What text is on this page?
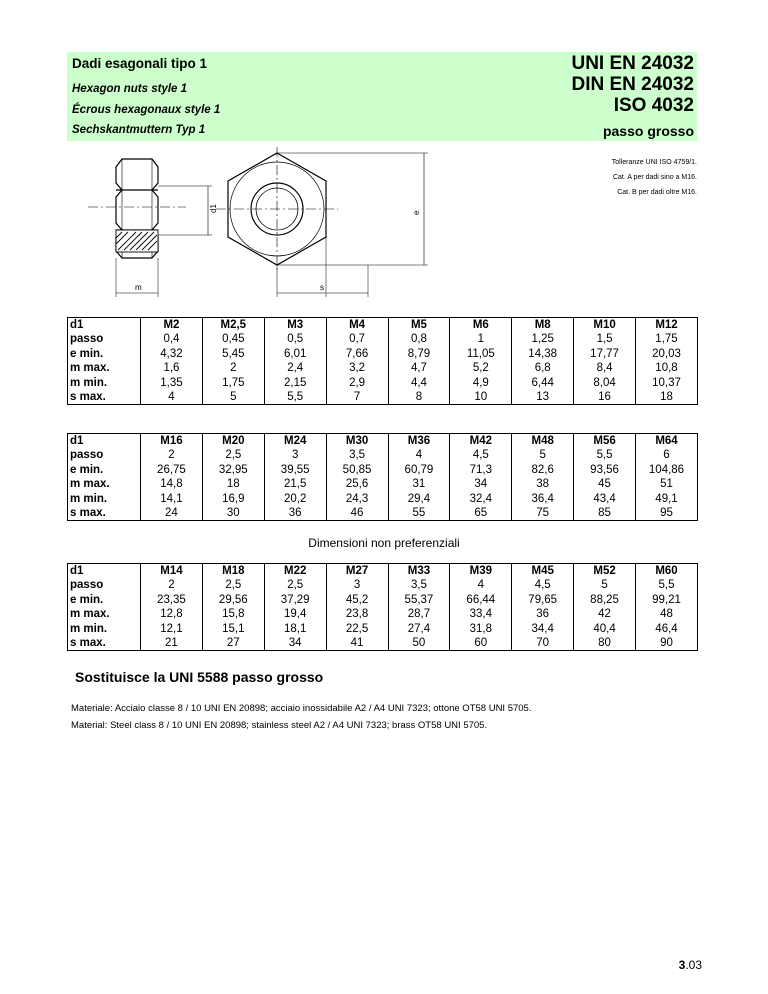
Dadi esagonali tipo 1
Hexagon nuts style 1
Écrous hexagonaux style 1
Sechskantmuttern Typ 1
UNI EN 24032
DIN EN 24032
ISO 4032
passo grosso
Tolleranze UNI ISO 4759/1.
Cat. A per dadi sino a M16.
Cat. B per dadi oltre M16.
d1	e
m	s
d1	M2	M2,5	M3	M4	M5	M6	M8	M10	M12
passo	0,4	0,45	0,5	0,7	0,8	1	1,25	1,5	1,75
e min.	4,32	5,45	6,01	7,66	8,79	11,05	14,38	17,77	20,03
m max.	1,6	2	2,4	3,2	4,7	5,2	6,8	8,4	10,8
m min.	1,35	1,75	2,15	2,9	4,4	4,9	6,44	8,04	10,37
s max.	4	5	5,5	7	8	10	13	16	18
d1	M16	M20	M24	M30	M36	M42	M48	M56	M64
passo	2	2,5	3	3,5	4	4,5	5	5,5	6
e min.	26,75	32,95	39,55	50,85	60,79	71,3	82,6	93,56	104,86
m max.	14,8	18	21,5	25,6	31	34	38	45	51
m min.	14,1	16,9	20,2	24,3	29,4	32,4	36,4	43,4	49,1
s max.	24	30	36	46	55	65	75	85	95
Dimensioni non preferenziali
d1	M14	M18	M22	M27	M33	M39	M45	M52	M60
passo	2	2,5	2,5	3	3,5	4	4,5	5	5,5
e min.	23,35	29,56	37,29	45,2	55,37	66,44	79,65	88,25	99,21
m max.	12,8	15,8	19,4	23,8	28,7	33,4	36	42	48
m min.	12,1	15,1	18,1	22,5	27,4	31,8	34,4	40,4	46,4
s max.	21	27	34	41	50	60	70	80	90
Sostituisce la UNI 5588 passo grosso
Materiale: Acciaio classe 8 / 10 UNI EN 20898; acciaio inossidabile A2 / A4 UNI 7323; ottone OT58 UNI 5705.
Material: Steel class 8 / 10 UNI EN 20898; stainless steel A2 / A4 UNI 7323; brass OT58 UNI 5705.
3.03
